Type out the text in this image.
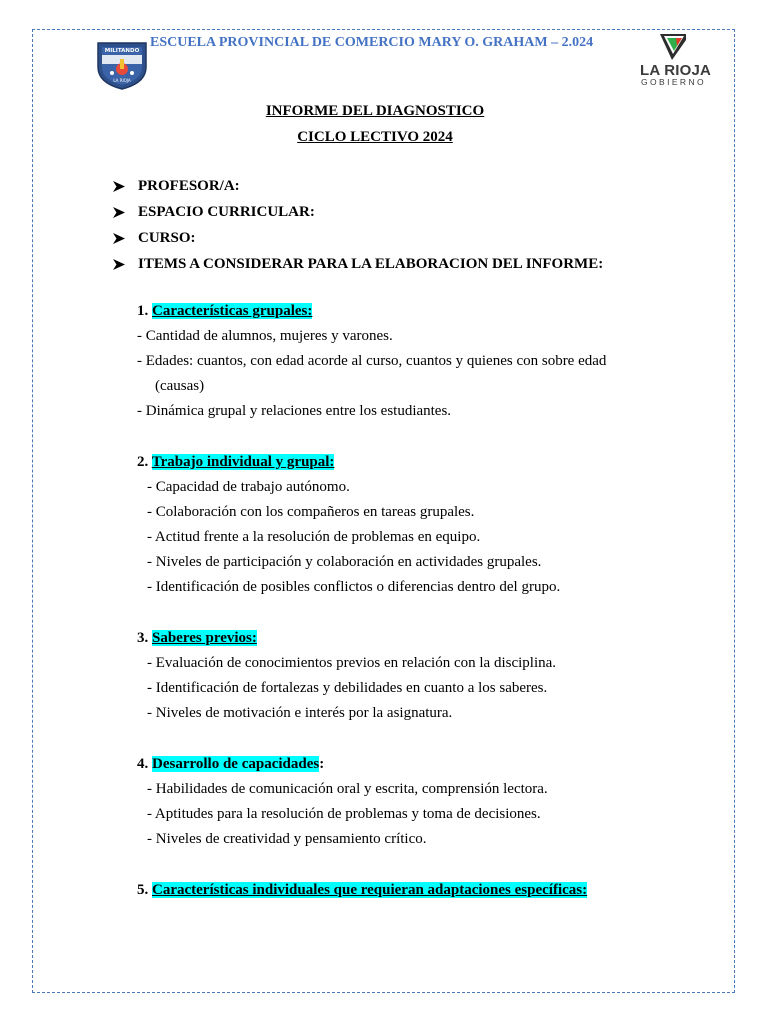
MILITANDO
LA RIOJA
ESCUELA PROVINCIAL DE COMERCIO MARY O. GRAHAM – 2.024
LA RIOJA
GOBIERNO
INFORME DEL DIAGNOSTICO
CICLO LECTIVO 2024
PROFESOR/A:
ESPACIO CURRICULAR:
CURSO:
ITEMS A CONSIDERAR PARA LA ELABORACION DEL INFORME:
1. Características grupales:
- Cantidad de alumnos, mujeres y varones.
- Edades: cuantos, con edad acorde al curso, cuantos y quienes con sobre edad
(causas)
- Dinámica grupal y relaciones entre los estudiantes.
2. Trabajo individual y grupal:
- Capacidad de trabajo autónomo.
- Colaboración con los compañeros en tareas grupales.
- Actitud frente a la resolución de problemas en equipo.
- Niveles de participación y colaboración en actividades grupales.
- Identificación de posibles conflictos o diferencias dentro del grupo.
3. Saberes previos:
- Evaluación de conocimientos previos en relación con la disciplina.
- Identificación de fortalezas y debilidades en cuanto a los saberes.
- Niveles de motivación e interés por la asignatura.
4. Desarrollo de capacidades:
- Habilidades de comunicación oral y escrita, comprensión lectora.
- Aptitudes para la resolución de problemas y toma de decisiones.
- Niveles de creatividad y pensamiento crítico.
5. Características individuales que requieran adaptaciones específicas:
